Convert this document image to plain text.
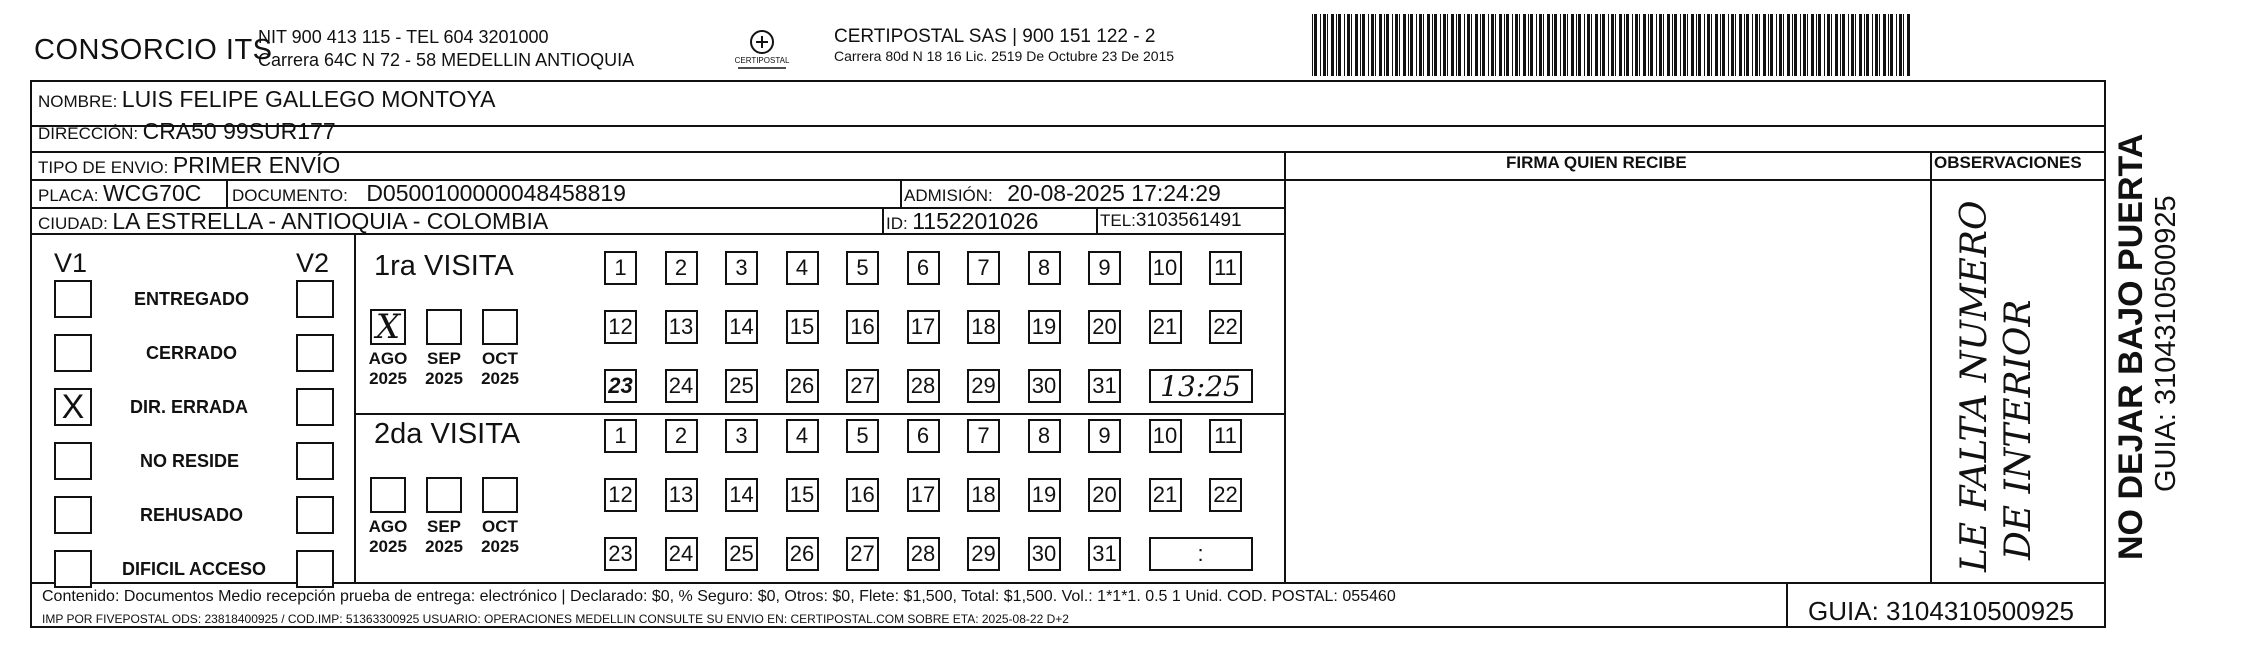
CONSORCIO ITS
NIT 900 413 115 - TEL 604 3201000
Carrera 64C N 72 - 58 MEDELLIN ANTIOQUIA	CERTIPOSTAL
CERTIPOSTAL SAS | 900 151 122 - 2
Carrera 80d N 18 16 Lic. 2519 De Octubre 23 De 2015
NOMBRE: LUIS FELIPE GALLEGO MONTOYA
DIRECCIÓN: CRA50 99SUR177
TIPO DE ENVIO: PRIMER ENVÍO
PLACA: WCG70C DOCUMENTO: D0500100000048458819	ADMISIÓN: 20-08-2025 17:24:29
CIUDAD: LA ESTRELLA - ANTIOQUIA - COLOMBIA	ID: 1152201026	TEL:3103561491
FIRMA QUIEN RECIBE	OBSERVACIONES
LE FALTA NUMERO DE INTERIOR NO DEJAR BAJO PUERTA GUIA: 3104310500925
V1	V2
ENTREGADO
CERRADO
X	DIR. ERRADA
NO RESIDE
REHUSADO
DIFICIL ACCESO
1ra VISITA
2da VISITA
X
AGO
2025
SEP
2025
OCT
2025
1	2	3	4	5	6	7	8	9	10 11
12 13 14 15 16 17 18 19 20 21 22
23 24 25 26 27 28 29 30 31	13:25
AGO
2025
SEP
2025
OCT
2025
1	2	3	4	5	6	7	8	9	10 11
12 13 14 15 16 17 18 19 20 21 22
23 24 25 26 27 28 29 30 31	:
Contenido: Documentos Medio recepción prueba de entrega: electrónico | Declarado: $0, % Seguro: $0, Otros: $0, Flete: $1,500, Total: $1,500. Vol.: 1*1*1. 0.5 1 Unid. COD. POSTAL: 055460
IMP POR FIVEPOSTAL ODS: 23818400925 / COD.IMP: 51363300925 USUARIO: OPERACIONES MEDELLIN CONSULTE SU ENVIO EN: CERTIPOSTAL.COM SOBRE ETA: 2025-08-22 D+2	GUIA: 3104310500925
